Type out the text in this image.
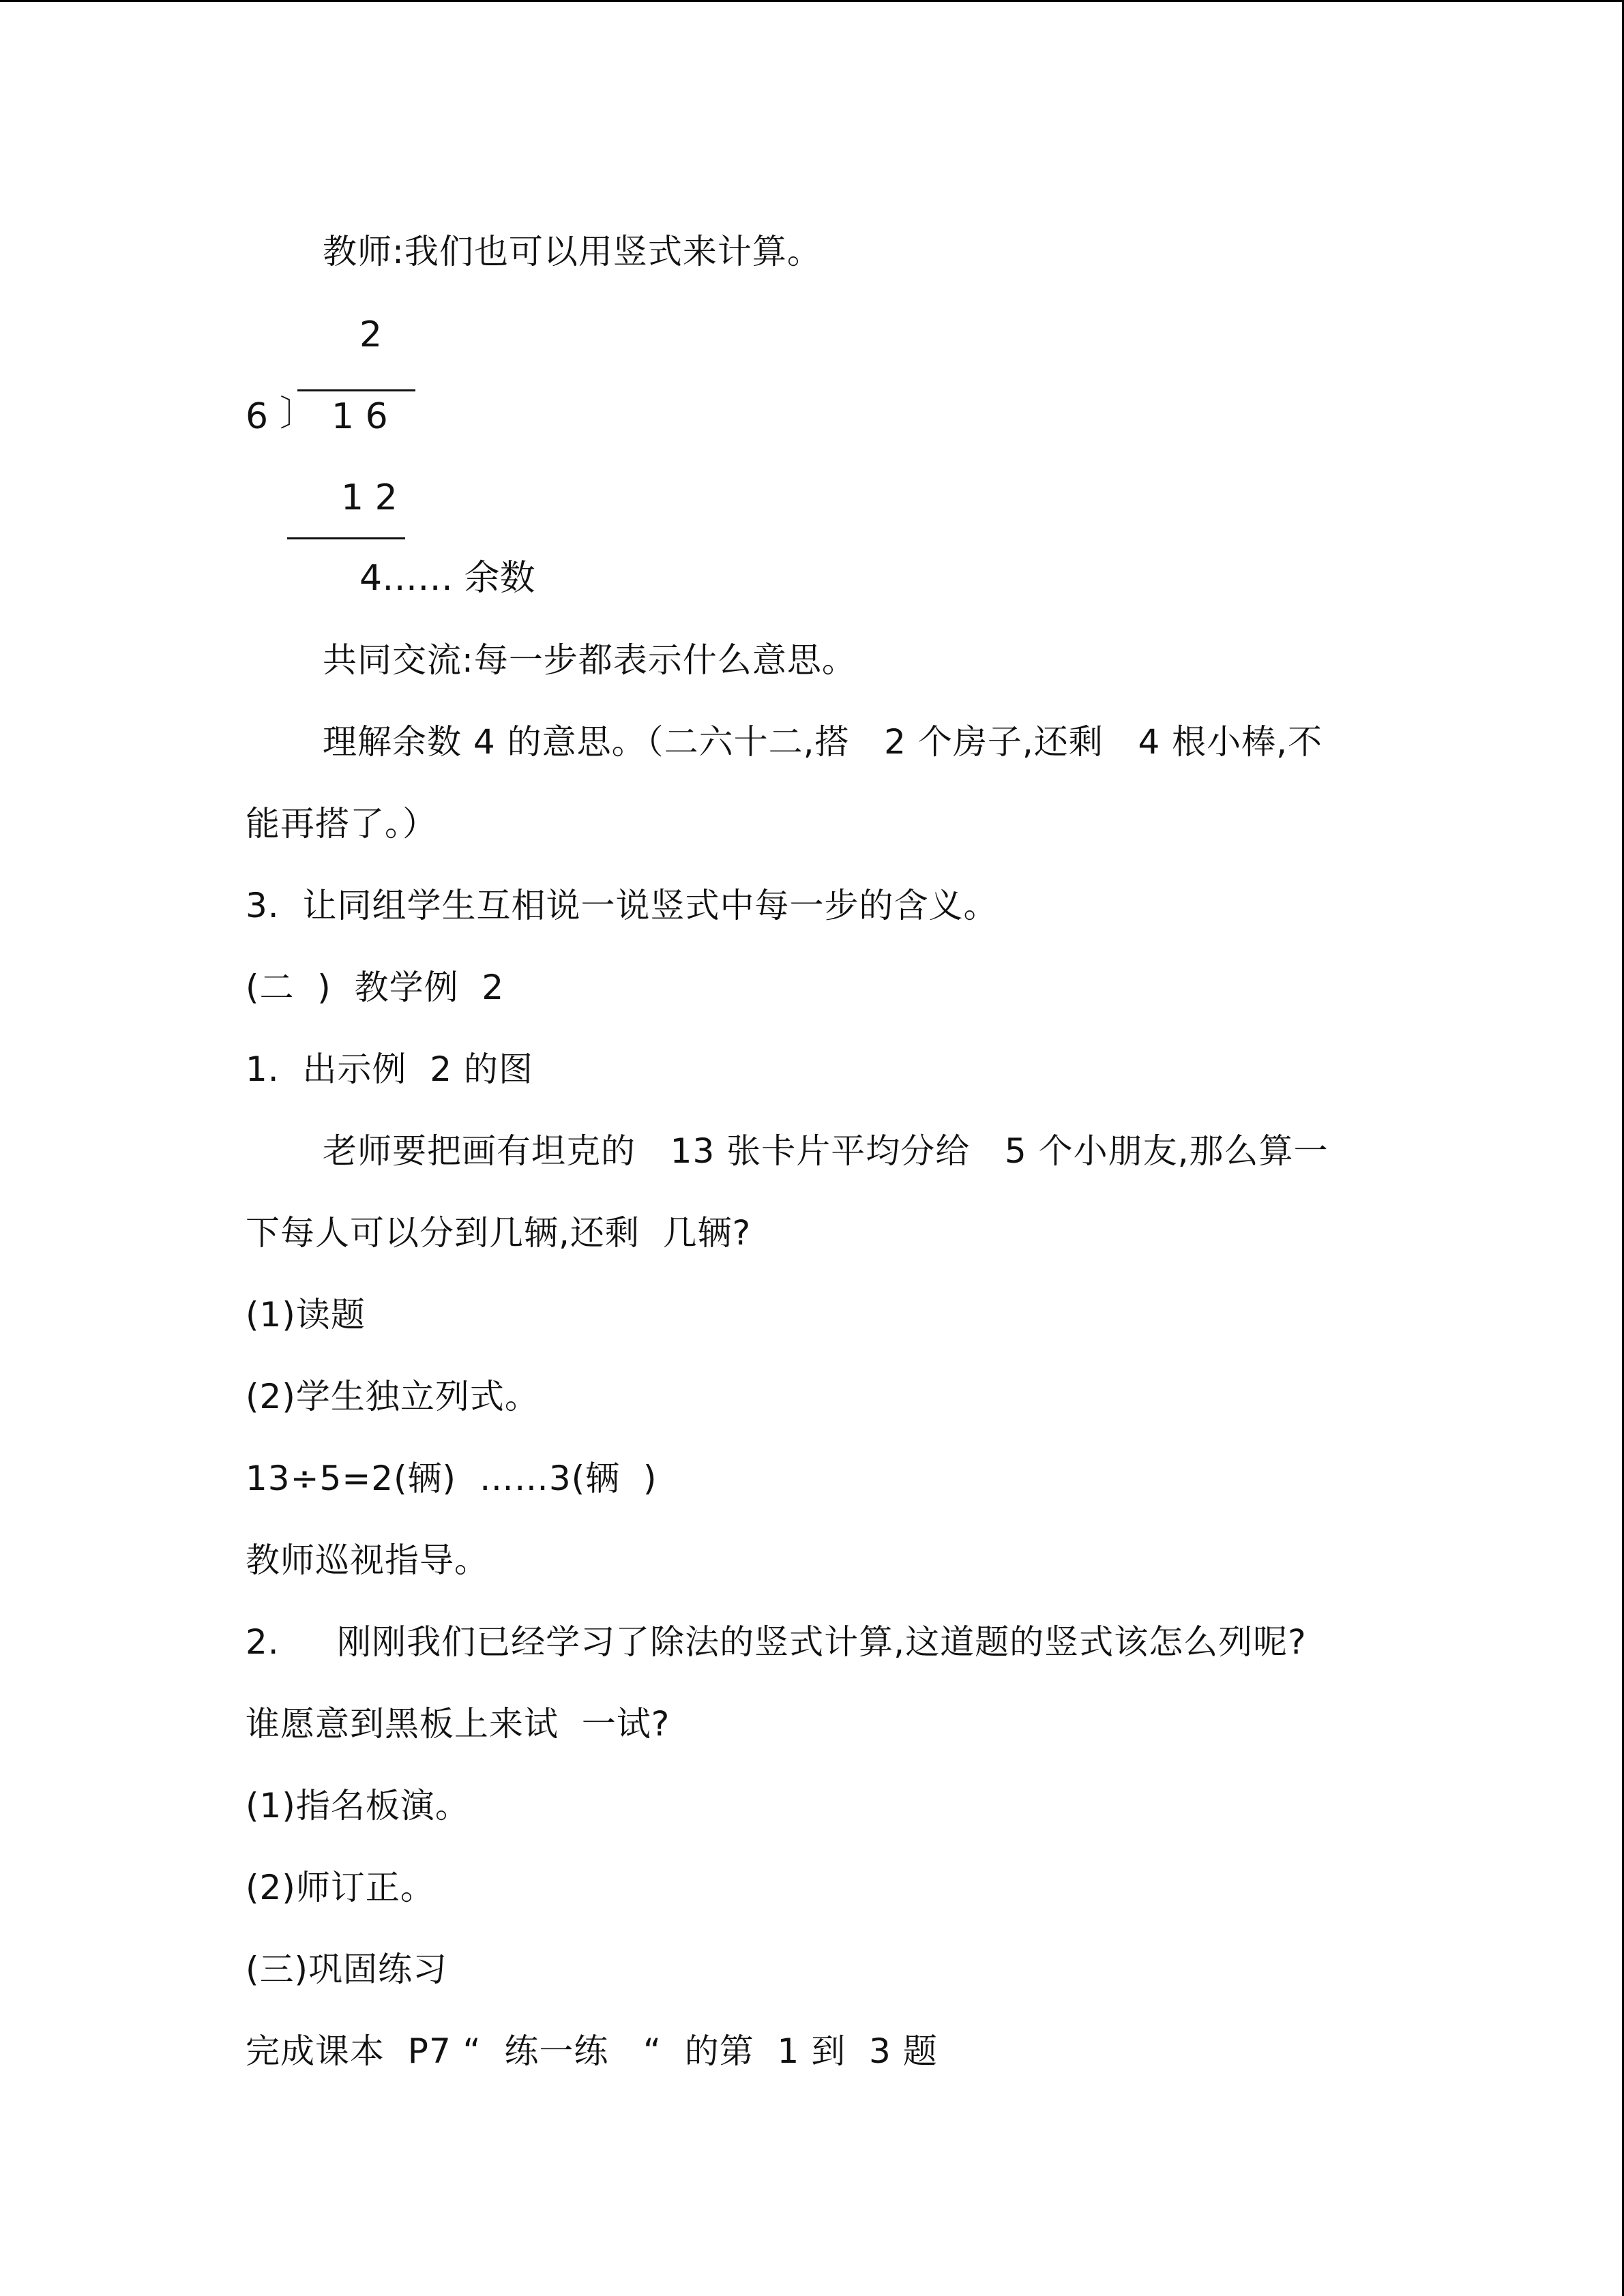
教师:我们也可以用竖式来计算。
2
6 〕 1 6
1 2
4…… 余数
共同交流:每一步都表示什么意思。
理解余数 4 的意思。（二六十二,搭   2 个房子,还剩   4 根小棒,不
能再搭了。）
3.  让同组学生互相说一说竖式中每一步的含义。
(二  )  教学例  2
1.  出示例  2 的图
老师要把画有坦克的   13 张卡片平均分给   5 个小朋友,那么算一
下每人可以分到几辆,还剩  几辆?
(1)读题
(2)学生独立列式。
13÷5=2(辆)  ……3(辆  )
教师巡视指导。
2.     刚刚我们已经学习了除法的竖式计算,这道题的竖式该怎么列呢?
谁愿意到黑板上来试  一试?
(1)指名板演。
(2)师订正。
(三)巩固练习
完成课本  P7 “  练一练   “  的第  1 到  3 题
